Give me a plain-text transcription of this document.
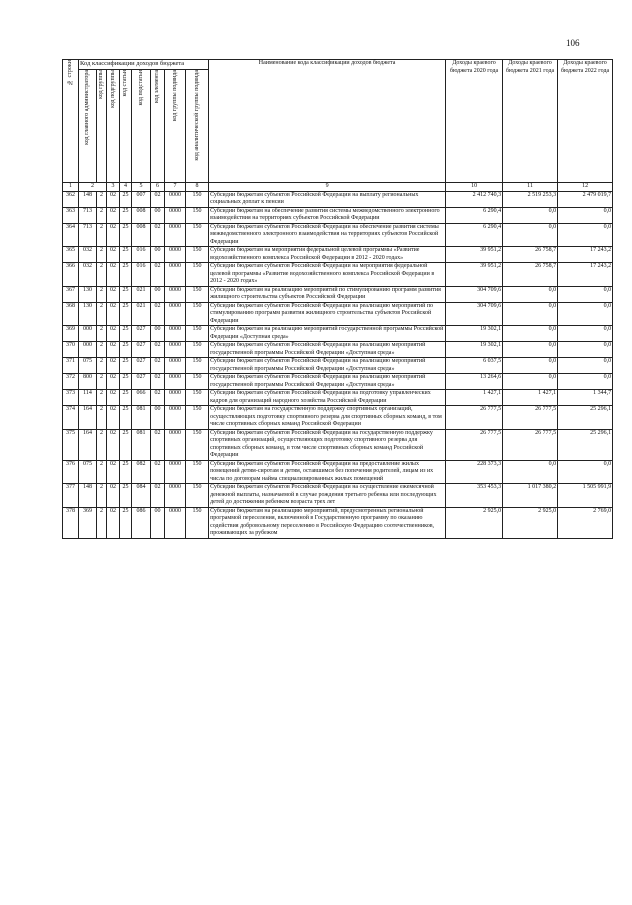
106
№ строки	Код классификации доходов бюджета								Наименование кода классификации доходов бюджета	Доходы краевого бюджета 2020 года	Доходы краевого бюджета 2021 года	Доходы краевого бюджета 2022 года
	код главного администратора	код группы	код подгруппы	код статьи	код подстатьи	код элемента	код группы подвида	код аналитической группы подвида				
1	2		3	4	5	6	7	8	9	10	11	12
362	148	2	02	25	007	02	0000	150	Субсидии бюджетам субъектов Российской Федерации на выплату региональных социальных доплат к пенсии	2 412 740,3	2 519 253,3	2 479 019,7
363	713	2	02	25	008	00	0000	150	Субсидии бюджетам на обеспечение развития системы межведомственного электронного взаимодействия на территориях субъектов Российской Федерации	6 290,4	0,0	0,0
364	713	2	02	25	008	02	0000	150	Субсидии бюджетам субъектов Российской Федерации на обеспечение развития системы межведомственного электронного взаимодействия на территориях субъектов Российской Федерации	6 290,4	0,0	0,0
365	032	2	02	25	016	00	0000	150	Субсидии бюджетам на мероприятия федеральной целевой программы «Развитие водохозяйственного комплекса Российской Федерации в 2012 - 2020 годах»	39 951,2	26 758,7	17 243,2
366	032	2	02	25	016	02	0000	150	Субсидии бюджетам субъектов Российской Федерации на мероприятия федеральной целевой программы «Развитие водохозяйственного комплекса Российской Федерации в 2012 - 2020 годах»	39 951,2	26 758,7	17 243,2
367	130	2	02	25	021	00	0000	150	Субсидии бюджетам на реализацию мероприятий по стимулированию программ развития жилищного строительства субъектов Российской Федерации	304 709,6	0,0	0,0
368	130	2	02	25	021	02	0000	150	Субсидии бюджетам субъектов Российской Федерации на реализацию мероприятий по стимулированию программ развития жилищного строительства субъектов Российской Федерации	304 709,6	0,0	0,0
369	000	2	02	25	027	00	0000	150	Субсидии бюджетам на реализацию мероприятий государственной программы Российской Федерации «Доступная среда»	19 302,1	0,0	0,0
370	000	2	02	25	027	02	0000	150	Субсидии бюджетам субъектов Российской Федерации на реализацию мероприятий государственной программы Российской Федерации «Доступная среда»	19 302,1	0,0	0,0
371	075	2	02	25	027	02	0000	150	Субсидии бюджетам субъектов Российской Федерации на реализацию мероприятий государственной программы Российской Федерации «Доступная среда»	6 037,5	0,0	0,0
372	800	2	02	25	027	02	0000	150	Субсидии бюджетам субъектов Российской Федерации на реализацию мероприятий государственной программы Российской Федерации «Доступная среда»	13 264,6	0,0	0,0
373	114	2	02	25	066	02	0000	150	Субсидии бюджетам субъектов Российской Федерации на подготовку управленческих кадров для организаций народного хозяйства Российской Федерации	1 427,1	1 427,1	1 344,7
374	164	2	02	25	081	00	0000	150	Субсидии бюджетам на государственную поддержку спортивных организаций, осуществляющих подготовку спортивного резерва для спортивных сборных команд, в том числе спортивных сборных команд Российской Федерации	26 777,5	26 777,5	25 296,1
375	164	2	02	25	081	02	0000	150	Субсидии бюджетам субъектов Российской Федерации на государственную поддержку спортивных организаций, осуществляющих подготовку спортивного резерва для спортивных сборных команд, в том числе спортивных сборных команд Российской Федерации	26 777,5	26 777,5	25 296,1
376	075	2	02	25	082	02	0000	150	Субсидии бюджетам субъектов Российской Федерации на предоставление жилых помещений детям-сиротам и детям, оставшимся без попечения родителей, лицам из их числа по договорам найма специализированных жилых помещений	228 373,3	0,0	0,0
377	148	2	02	25	084	02	0000	150	Субсидии бюджетам субъектов Российской Федерации на осуществление ежемесячной денежной выплаты, назначаемой в случае рождения третьего ребенка или последующих детей до достижения ребенком возраста трех лет	353 453,3	1 017 380,2	1 505 991,9
378	369	2	02	25	086	00	0000	150	Субсидии бюджетам на реализацию мероприятий, предусмотренных региональной программой переселения, включенной в Государственную программу по оказанию содействия добровольному переселению в Российскую Федерацию соотечественников, проживающих за рубежом	2 925,0	2 925,0	2 769,0
